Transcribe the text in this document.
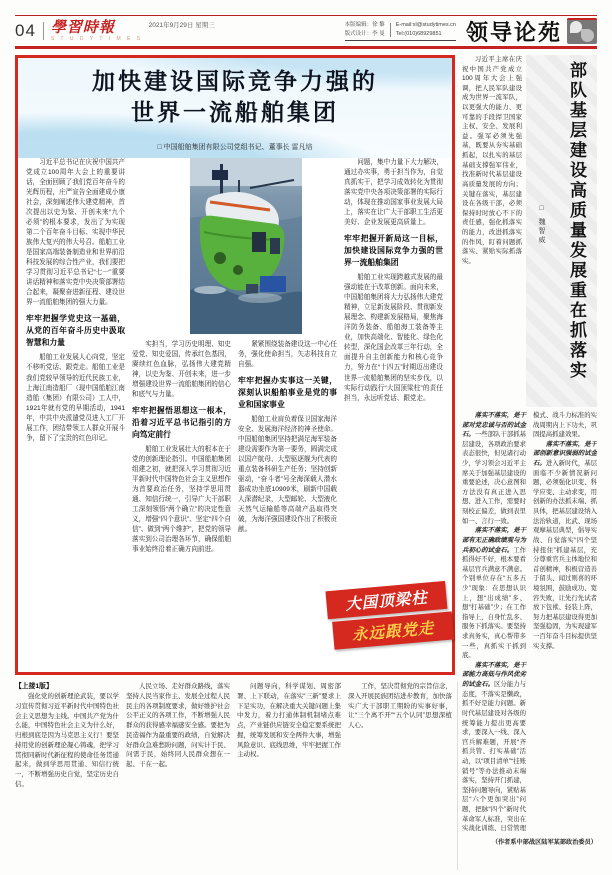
04 學習時報
S T U D Y T I M E S
2021年9月29日 星期三	本版编辑：徐 黎
版式设计：李 曼
E-mail:xl@studytimes.cn
Tel:(010)68929851	领导论苑
加快建设国际竞争力强的
世界一流船舶集团
□ 中国船舶集团有限公司党组书记、董事长 雷凡培

习近平总书记在庆祝中国共产党成立100周年大会上的重要讲话，全面回顾了我们党百年奋斗的光辉历程，庄严宣告全面建成小康社会，深刻阐述伟大建党精神，首次提出以史为鉴、开创未来“九个必须”的根本要求，发出了为实现第二个百年奋斗目标、实现中华民族伟大复兴的伟大号召。船舶工业是国家高端装备制造业和世界前沿科技发展的综合性产业，我们要把学习贯彻习近平总书记“七一”重要讲话精神和落实党中央决策部署结合起来，凝聚奋进新征程、建设世界一流船舶集团的强大力量。

牢牢把握学党史这一基础，从党的百年奋斗历史中汲取智慧和力量

船舶工业发展人心向党，坚定不移听党话、跟党走。船舶工业是我们党较早领导的近代民族工业，上海江南造船厂（现中国船舶江南造船（集团）有限公司）工人中，1921年就有党的早期活动，1941年，中共中央派遣党员进入工厂开展工作，团结带领工人群众开展斗争，留下了宝贵的红色印记。

实担当，学习历史明理、知史爱党、知史爱国，传承红色基因，赓续红色血脉，弘扬伟大建党精神，以史为鉴、开创未来，进一步增强建设世界一流船舶集团的信心和底气与力量。

牢牢把握悟思想这一根本，沿着习近平总书记指引的方向笃定前行

船舶工业发展壮大的根本在于党的创新理论指引。中国船舶集团组建之初，就把深入学习贯彻习近平新时代中国特色社会主义思想作为首要政治任务，坚持学思用贯通、知信行统一，引导广大干部职工深刻领悟“两个确立”的决定性意义，增强“四个意识”、坚定“四个自信”、做到“两个维护”，把党的领导落实到公司治理各环节，确保船舶事业始终沿着正确方向前进。

紧紧围绕装备建设这一中心任务，强化使命担当，矢志科技自立自强。

牢牢把握办实事这一关键，深刻认识船舶事业是党的事业和国家事业

船舶工业肩负着保卫国家海洋安全、发展海洋经济的神圣使命。中国船舶集团坚持把满足海军装备建设需要作为第一要务，圆满完成以国产航母、大型驱逐舰为代表的重点装备科研生产任务；坚持创新驱动，“奋斗者”号全海深载人潜水器成功坐底10909米，刷新中国载人深潜纪录，大型邮轮、大型液化天然气运输船等高端产品取得突破，为海洋强国建设作出了积极贡献。

问题，集中力量下大力解决，通过办实事，勇于担当作为，自觉真抓实干，把学习成效转化为贯彻落实党中央各项决策部署的实际行动，体现在推动国家事业发展大局上，落实在让广大干部职工生活更美好、企业发展更高质量上。

牢牢把握开新局这一目标，加快建设国际竞争力强的世界一流船舶集团

船舶工业实现跨越式发展的最强动能在于改革创新。面向未来，中国船舶集团将大力弘扬伟大建党精神，立足新发展阶段、贯彻新发展理念、构建新发展格局，聚焦海洋防务装备、船舶海工装备等主业，加快高端化、智能化、绿色化转型，深化国企改革三年行动，全面提升自主创新能力和核心竞争力，努力在“十四五”时期迈出建设世界一流船舶集团的坚实步伐，以实际行动践行“大国顶梁柱”的责任担当，永远听党话、跟党走。

大国顶梁柱
永远跟党走

【上接1版】

强化党的创新理论武装，要以学习宣传贯彻习近平新时代中国特色社会主义思想为主线。中国共产党为什么能，中国特色社会主义为什么好，归根到底是因为马克思主义行！要坚持用党的创新理论凝心铸魂，把学习贯彻同新时代新征程的使命任务贯通起来，做到学思用贯通、知信行统一，不断增强历史自觉，坚定历史自信。

人民立场、走好群众路线，落实坚持人民当家作主、发展全过程人民民主的各项制度要求，做好维护社会公平正义的各项工作，不断增强人民群众的获得感幸福感安全感。要把为民造福作为最重要的政绩，自觉解决好群众急难愁盼问题，问实计于民、问需于民，始终同人民群众想在一起、干在一起。

问题导向，科学谋划、周密部署、上下联动，在落实“三新”要求上下足实功，在解决重大关键问题上集中发力，着力打通体制机制堵点难点，产业链供应链安全稳定要系统把握，统筹发展和安全两件大事，增强风险意识、底线思维，牢牢把握工作主动权。

工作，坚决贯彻党的宗旨信念，深入开展民族团结进步教育，加快落实广大干部职工期盼的实事好事，让“三个离不开”“五个认同”思想深植人心。

习近平主席在庆祝中国共产党成立100周年大会上强调，把人民军队建设成为世界一流军队，以更强大的能力、更可靠的手段捍卫国家主权、安全、发展利益。强军必须先强基，既要从夯实基础抓起，以扎实的基层基础支撑强军伟业，找准新时代基层建设高质量发展的方向；关键在落实，基层建设在各级干部，必须保持时时放心不下的责任感，强化抓落实的能力，改进抓落实的作风，盯着问题抓落实、紧贴实际抓落实。	部队基层建设高质量发展重在抓落实
□ 魏智威

落实不落实，是干部对党忠诚与否的试金石。一些部队干部抓基层建设，各项政治要求表态很快，但见诸行动少，学习领会习近平主席关于加强基层建设的重要论述，决心意图和方法没有真正进入思想、进入工作，需要时刻校正偏差，做到表里如一、言行一致。

落实不落实，是干部有无正确政绩观与为兵初心的试金石。工作抓得好不好，根本要看基层官兵满意不满意。个别单位存在“五多五少”现象：在思想认识上，想“出成绩”多、想“打基础”少；在工作指导上，自身忙乱多、服务下抓落实。要坚持求真务实，真心帮带多一些，真抓实干抓到底。

落实不落实，是干部能力高低与作风优劣的试金石。区分能力与态度，不落实是懒政，抓不好是能力问题。新时代基层建设对各级的统筹能力提出更高要求，要深入一线、深入官兵解难题，开展“齐抓共管、打实基础”活动，以“项目清单”“挂账销号”等办法推动末端落实，坚持开门抓建，坚持问题导向，紧贴基层“六个更加突出”问题，把脉“四个”新时代革命军人标准，突出在实战化训练、日常管理模式、战斗力标准的实战周期内上下功夫，巩固提高抓建效果。

落实不落实，是干部创新意识强弱的试金石。进入新时代，基层面临不少新情况新问题，必须强化识变、科学应变、主动求变，用创新的办法抓末端、抓具体，把基层建设纳入法治轨道，比武、现场观摩基层典型，倡导实战、自觉落实“四个坚持扭住”抓建基层，充分尊重官兵主体地位和首创精神，积极营造善于留头、闻过则喜的环境氛围，鼓励成功、宽容失败，让先行先试者放下包袱、轻装上阵，努力把基层建设得更加坚强稳固，为实现建军一百年奋斗目标提供坚实支撑。

（作者系中部战区陆军某部政治委员）
